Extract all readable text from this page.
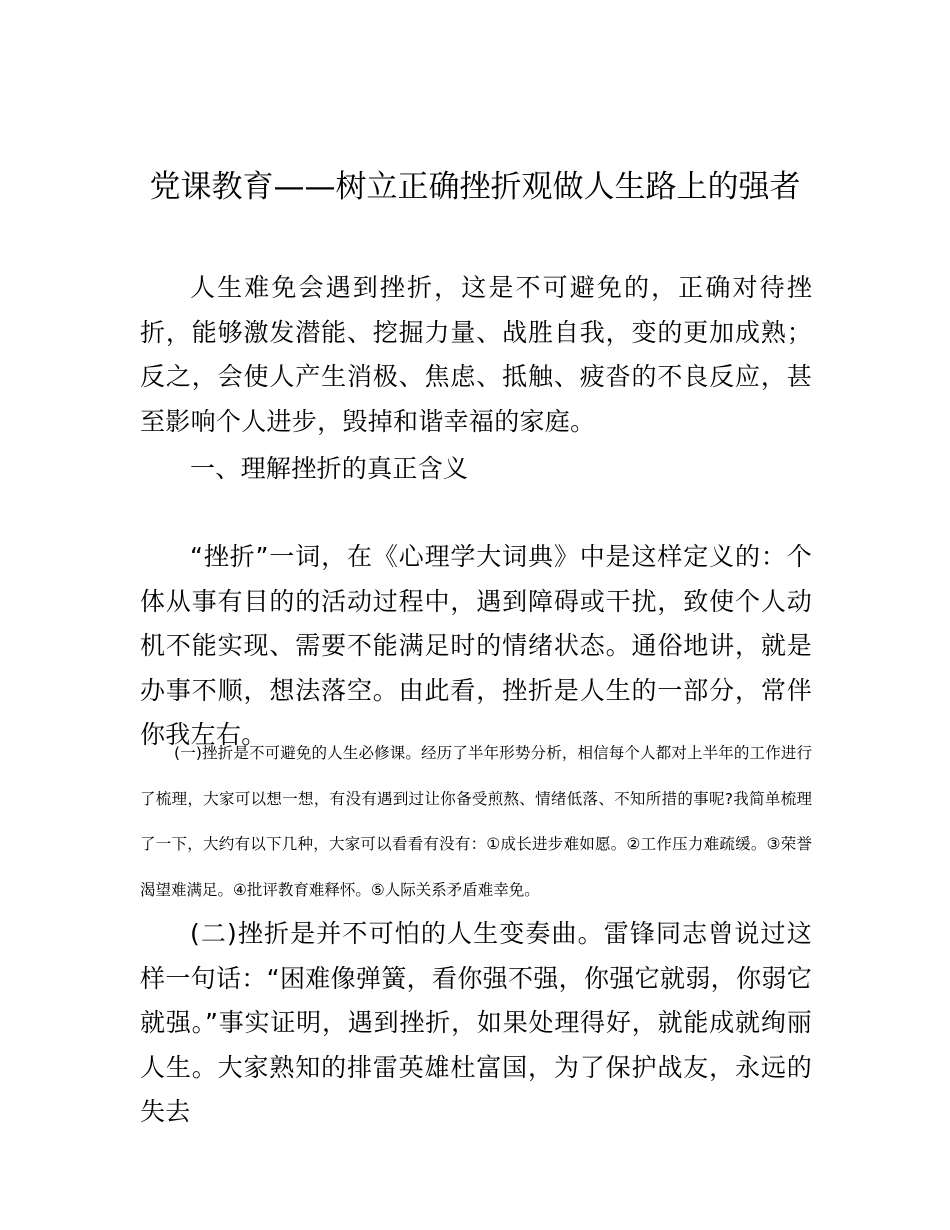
党课教育——树立正确挫折观做人生路上的强者

人生难免会遇到挫折，这是不可避免的，正确对待挫折，能够激发潜能、挖掘力量、战胜自我，变的更加成熟；反之，会使人产生消极、焦虑、抵触、疲沓的不良反应，甚至影响个人进步，毁掉和谐幸福的家庭。

一、理解挫折的真正含义

“挫折”一词，在《心理学大词典》中是这样定义的：个体从事有目的的活动过程中，遇到障碍或干扰，致使个人动机不能实现、需要不能满足时的情绪状态。通俗地讲，就是办事不顺，想法落空。由此看，挫折是人生的一部分，常伴你我左右。

(一)挫折是不可避免的人生必修课。经历了半年形势分析，相信每个人都对上半年的工作进行了梳理，大家可以想一想，有没有遇到过让你备受煎熬、情绪低落、不知所措的事呢?我简单梳理了一下，大约有以下几种，大家可以看看有没有：①成长进步难如愿。②工作压力难疏缓。③荣誉渴望难满足。④批评教育难释怀。⑤人际关系矛盾难幸免。

(二)挫折是并不可怕的人生变奏曲。雷锋同志曾说过这样一句话：“困难像弹簧，看你强不强，你强它就弱，你弱它就强。”事实证明，遇到挫折，如果处理得好，就能成就绚丽人生。大家熟知的排雷英雄杜富国，为了保护战友，永远的失去
